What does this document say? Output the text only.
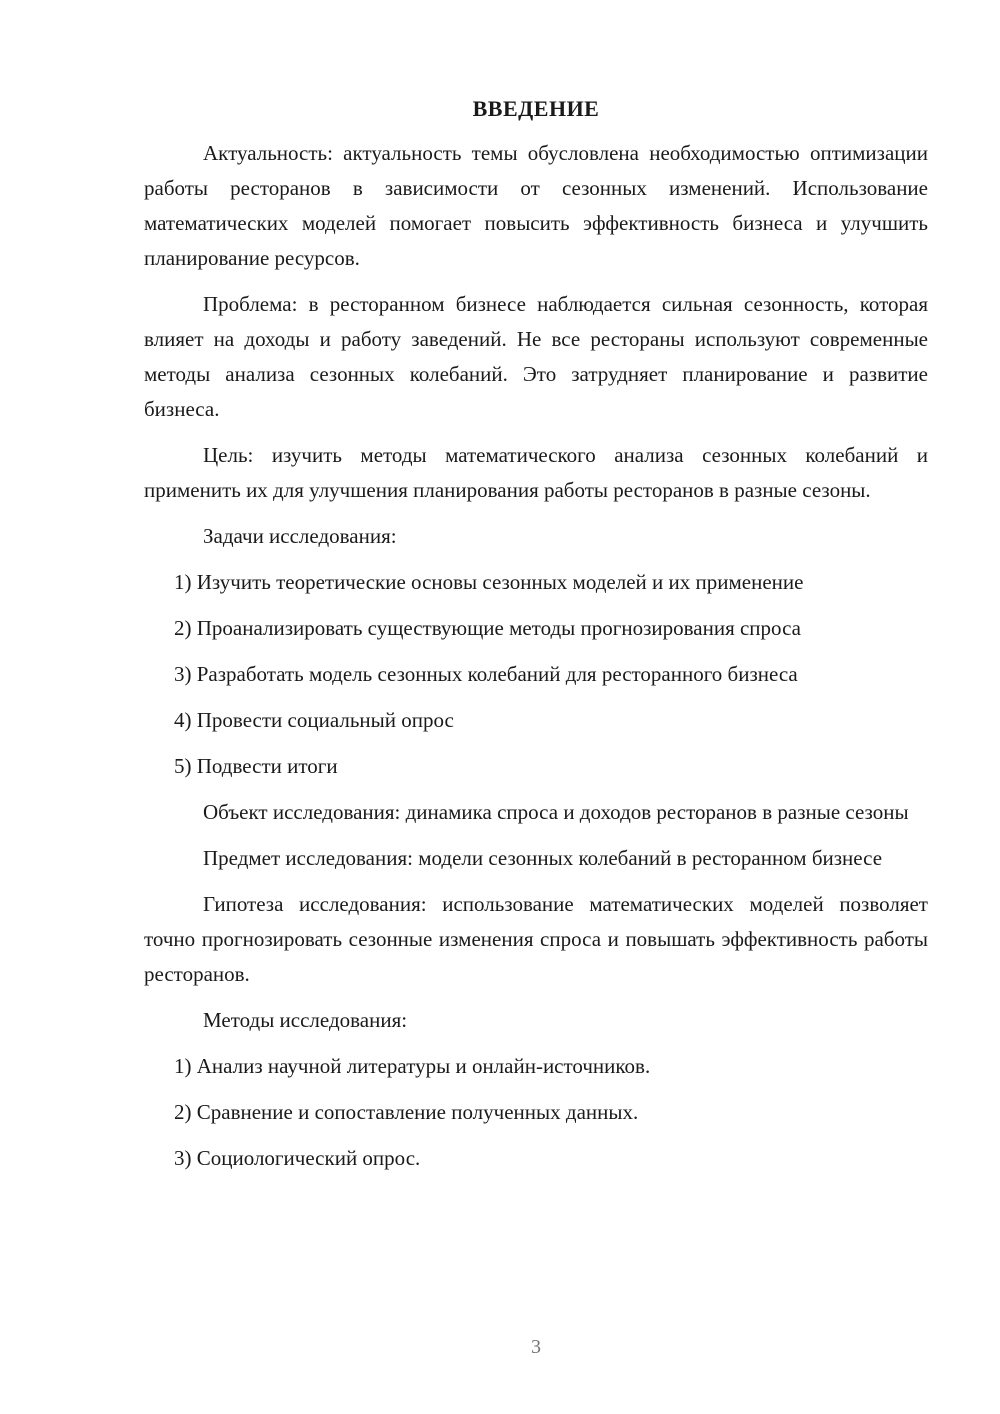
ВВЕДЕНИЕ

Актуальность: актуальность темы обусловлена необходимостью оптимизации работы ресторанов в зависимости от сезонных изменений. Использование математических моделей помогает повысить эффективность бизнеса и улучшить планирование ресурсов.

Проблема: в ресторанном бизнесе наблюдается сильная сезонность, которая влияет на доходы и работу заведений. Не все рестораны используют современные методы анализа сезонных колебаний. Это затрудняет планирование и развитие бизнеса.

Цель: изучить методы математического анализа сезонных колебаний и применить их для улучшения планирования работы ресторанов в разные сезоны.

Задачи исследования:

1) Изучить теоретические основы сезонных моделей и их применение
2) Проанализировать существующие методы прогнозирования спроса
3) Разработать модель сезонных колебаний для ресторанного бизнеса
4) Провести социальный опрос
5) Подвести итоги

Объект исследования: динамика спроса и доходов ресторанов в разные сезоны

Предмет исследования: модели сезонных колебаний в ресторанном бизнесе

Гипотеза исследования: использование математических моделей позволяет точно прогнозировать сезонные изменения спроса и повышать эффективность работы ресторанов.

Методы исследования:

1) Анализ научной литературы и онлайн-источников.
2) Сравнение и сопоставление полученных данных.
3) Социологический опрос.
3
